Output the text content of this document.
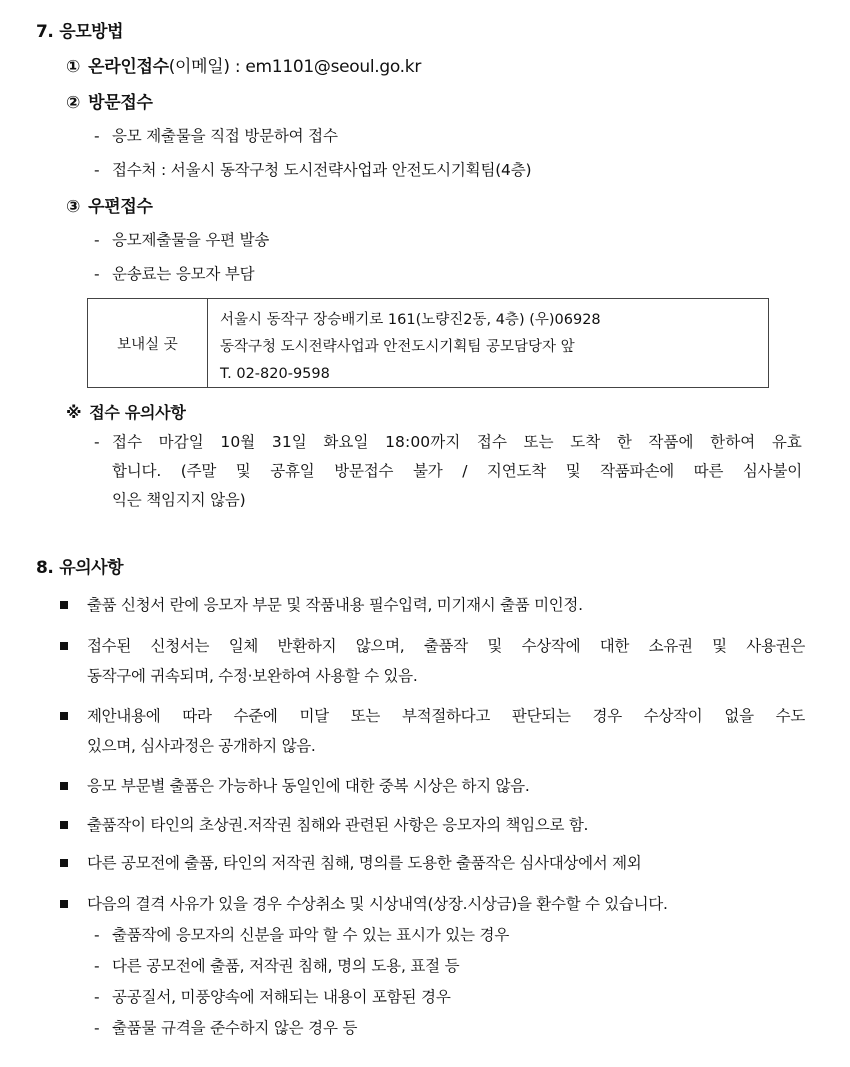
7. 응모방법
① 온라인접수(이메일) : em1101@seoul.go.kr
② 방문접수
- 응모 제출물을 직접 방문하여 접수
- 접수처 : 서울시 동작구청 도시전략사업과 안전도시기획팀(4층)
③ 우편접수
- 응모제출물을 우편 발송
- 운송료는 응모자 부담
보내실 곳
서울시 동작구 장승배기로 161(노량진2동, 4층) (우)06928
동작구청 도시전략사업과 안전도시기획팀 공모담당자 앞
T. 02-820-9598
※ 접수 유의사항
- 접수 마감일 10월 31일 화요일 18:00까지 접수 또는 도착 한 작품에 한하여 유효
합니다. (주말 및 공휴일 방문접수 불가 / 지연도착 및 작품파손에 따른 심사불이
익은 책임지지 않음)
8. 유의사항
출품 신청서 란에 응모자 부문 및 작품내용 필수입력, 미기재시 출품 미인정.
접수된 신청서는 일체 반환하지 않으며, 출품작 및 수상작에 대한 소유권 및 사용권은
동작구에 귀속되며, 수정·보완하여 사용할 수 있음.
제안내용에 따라 수준에 미달 또는 부적절하다고 판단되는 경우 수상작이 없을 수도
있으며, 심사과정은 공개하지 않음.
응모 부문별 출품은 가능하나 동일인에 대한 중복 시상은 하지 않음.
출품작이 타인의 초상권.저작권 침해와 관련된 사항은 응모자의 책임으로 함.
다른 공모전에 출품, 타인의 저작권 침해, 명의를 도용한 출품작은 심사대상에서 제외
다음의 결격 사유가 있을 경우 수상취소 및 시상내역(상장.시상금)을 환수할 수 있습니다.
- 출품작에 응모자의 신분을 파악 할 수 있는 표시가 있는 경우
- 다른 공모전에 출품, 저작권 침해, 명의 도용, 표절 등
- 공공질서, 미풍양속에 저해되는 내용이 포함된 경우
- 출품물 규격을 준수하지 않은 경우 등
